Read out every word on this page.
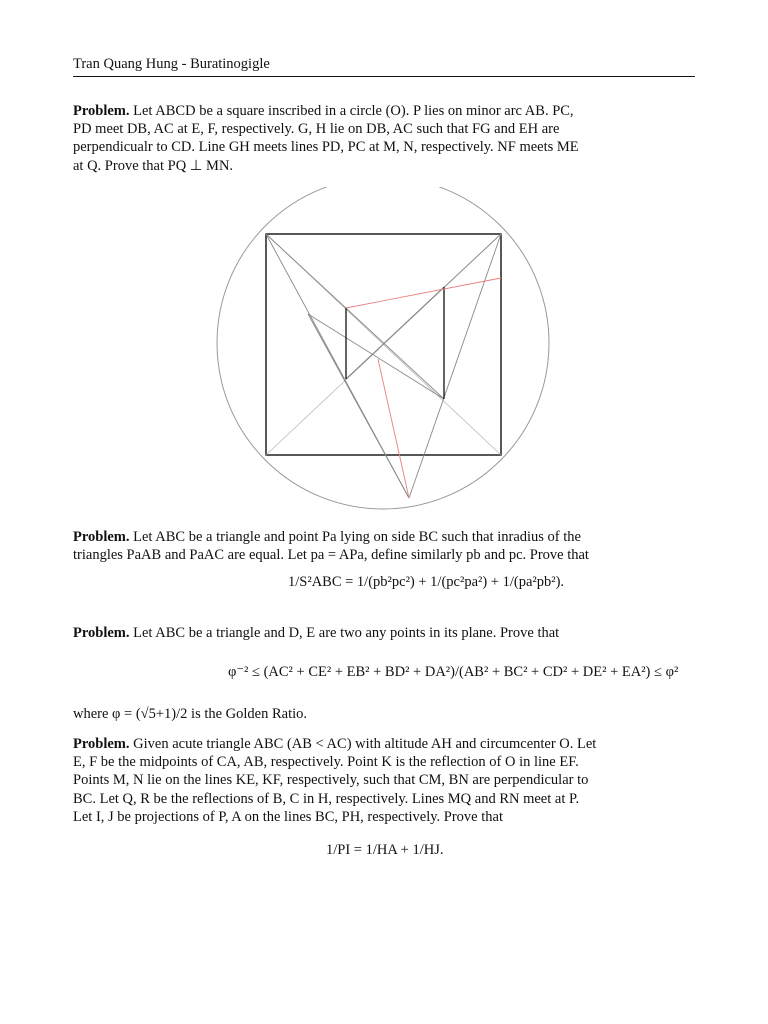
Tran Quang Hung - Buratinogigle
Problem. Let ABCD be a square inscribed in a circle (O). P lies on minor arc AB. PC,
PD meet DB, AC at E, F, respectively. G, H lie on DB, AC such that FG and EH are
perpendicualr to CD. Line GH meets lines PD, PC at M, N, respectively. NF meets ME
at Q. Prove that PQ ⊥ MN.
Problem. Let ABC be a triangle and point Pa lying on side BC such that inradius of the
triangles PaAB and PaAC are equal. Let pa = APa, define similarly pb and pc. Prove that
1/S²ABC = 1/(pb²pc²) + 1/(pc²pa²) + 1/(pa²pb²).
Problem. Let ABC be a triangle and D, E are two any points in its plane. Prove that
φ⁻² ≤ (AC² + CE² + EB² + BD² + DA²)/(AB² + BC² + CD² + DE² + EA²) ≤ φ²
where φ = (√5+1)/2 is the Golden Ratio.
Problem. Given acute triangle ABC (AB < AC) with altitude AH and circumcenter O. Let
E, F be the midpoints of CA, AB, respectively. Point K is the reflection of O in line EF.
Points M, N lie on the lines KE, KF, respectively, such that CM, BN are perpendicular to
BC. Let Q, R be the reflections of B, C in H, respectively. Lines MQ and RN meet at P.
Let I, J be projections of P, A on the lines BC, PH, respectively. Prove that
1/PI = 1/HA + 1/HJ.
